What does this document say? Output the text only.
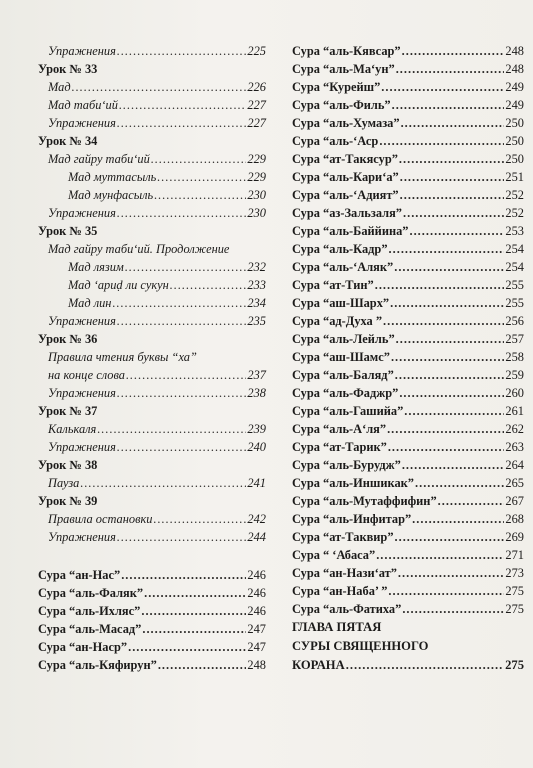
Упражнения .....	225
Урок № 33
Мад .....	226
Мад таби‘ий .....	227
Упражнения .....	227
Урок № 34
Мад гайру таби‘ий .....	229
Мад муттасыль .....	229
Мад мунфасыль .....	230
Упражнения .....	230
Урок № 35
Мад гайру таби‘ий. Продолжение
Мад лязим .....	232
Мад ‘ариḍ ли сукун .....	233
Мад лин .....	234
Упражнения .....	235
Урок № 36
Правила чтения буквы “ха”
на конце слова .....	237
Упражнения .....	238
Урок № 37
Калькаля .....	239
Упражнения .....	240
Урок № 38
Пауза .....	241
Урок № 39
Правила остановки .....	242
Упражнения .....	244
Сура “ан-Нас” .....	246
Сура “аль-Фаляк” .....	246
Сура “аль-Ихляс” .....	246
Сура “аль-Масад” .....	247
Сура “ан-Наср” .....	247
Сура “аль-Кяфирун” .....	248
Сура “аль-Кявсар” .....	248
Сура “аль-Ма‘ун” .....	248
Сура “Курейш” .....	249
Сура “аль-Филь” .....	249
Сура “аль-Хумаза” .....	250
Сура “аль-‘Аср .....	250
Сура “ат-Такясур” .....	250
Сура “аль-Кари‘а” .....	251
Сура “аль-‘Адият” .....	252
Сура “аз-Зальзаля” .....	252
Сура “аль-Баййина” .....	253
Сура “аль-Кадр” .....	254
Сура “аль-‘Аляк” .....	254
Сура “ат-Тин” .....	255
Сура “аш-Шарх” .....	255
Сура “ад-Духа ” .....	256
Сура “аль-Лейль” .....	257
Сура “аш-Шамс” .....	258
Сура “аль-Баляд” .....	259
Сура “аль-Фаджр” .....	260
Сура “аль-Гашийа” .....	261
Сура “аль-А‘ля” .....	262
Сура “ат-Тарик” .....	263
Сура “аль-Бурудж” .....	264
Сура “аль-Иншикак” .....	265
Сура “аль-Мутаффифин” .....	267
Сура “аль-Инфитар” .....	268
Сура “ат-Таквир” .....	269
Сура “ ‘Абаса” .....	271
Сура “ан-Нази‘ат” .....	273
Сура “ан-Наба’ ” .....	275
Сура “аль-Фатиха” .....	275
ГЛАВА ПЯТАЯ
СУРЫ СВЯЩЕННОГО
КОРАНА .....	275
